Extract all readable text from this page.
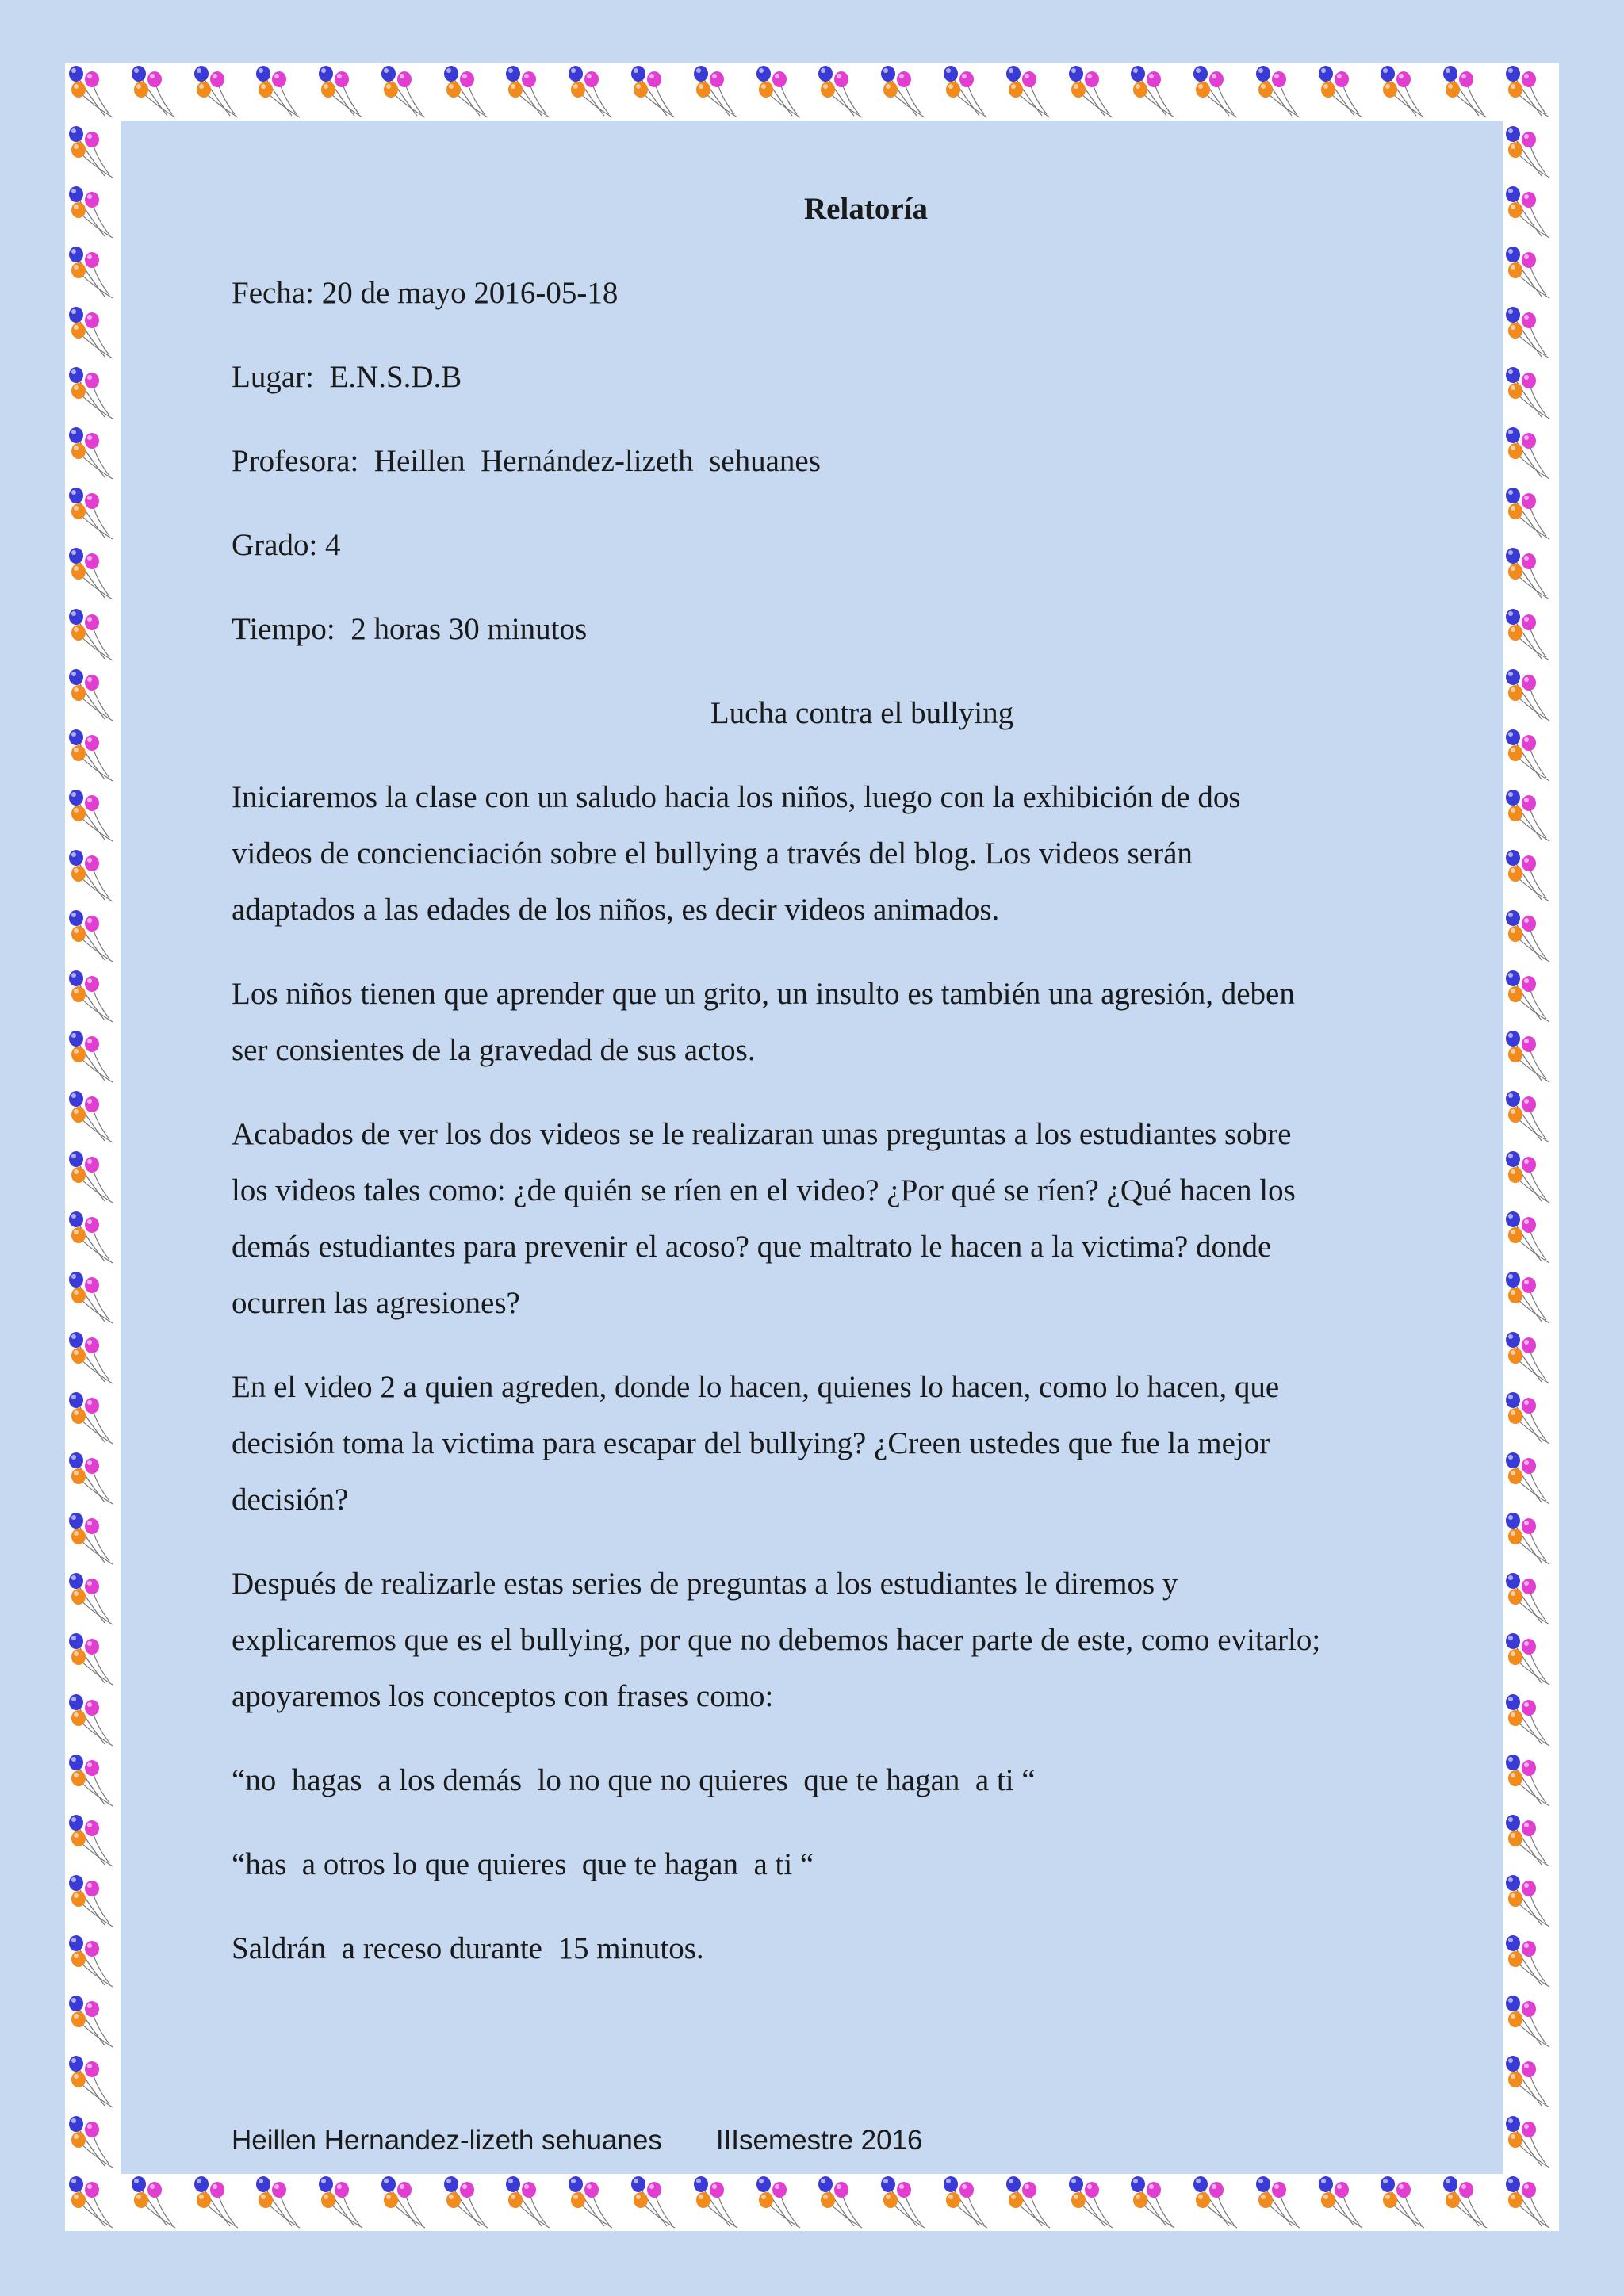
Relatoría
Fecha: 20 de mayo 2016-05-18
Lugar:  E.N.S.D.B
Profesora:  Heillen  Hernández-lizeth  sehuanes
Grado: 4
Tiempo:  2 horas 30 minutos
Lucha contra el bullying
Iniciaremos la clase con un saludo hacia los niños, luego con la exhibición de dos
videos de concienciación sobre el bullying a través del blog. Los videos serán
adaptados a las edades de los niños, es decir videos animados.
Los niños tienen que aprender que un grito, un insulto es también una agresión, deben
ser consientes de la gravedad de sus actos.
Acabados de ver los dos videos se le realizaran unas preguntas a los estudiantes sobre
los videos tales como: ¿de quién se ríen en el video? ¿Por qué se ríen? ¿Qué hacen los
demás estudiantes para prevenir el acoso? que maltrato le hacen a la victima? donde
ocurren las agresiones?
En el video 2 a quien agreden, donde lo hacen, quienes lo hacen, como lo hacen, que
decisión toma la victima para escapar del bullying? ¿Creen ustedes que fue la mejor
decisión?
Después de realizarle estas series de preguntas a los estudiantes le diremos y
explicaremos que es el bullying, por que no debemos hacer parte de este, como evitarlo;
apoyaremos los conceptos con frases como:
“no  hagas  a los demás  lo no que no quieres  que te hagan  a ti “
“has  a otros lo que quieres  que te hagan  a ti “
Saldrán  a receso durante  15 minutos.
Heillen Hernandez-lizeth sehuanes IIIsemestre 2016
